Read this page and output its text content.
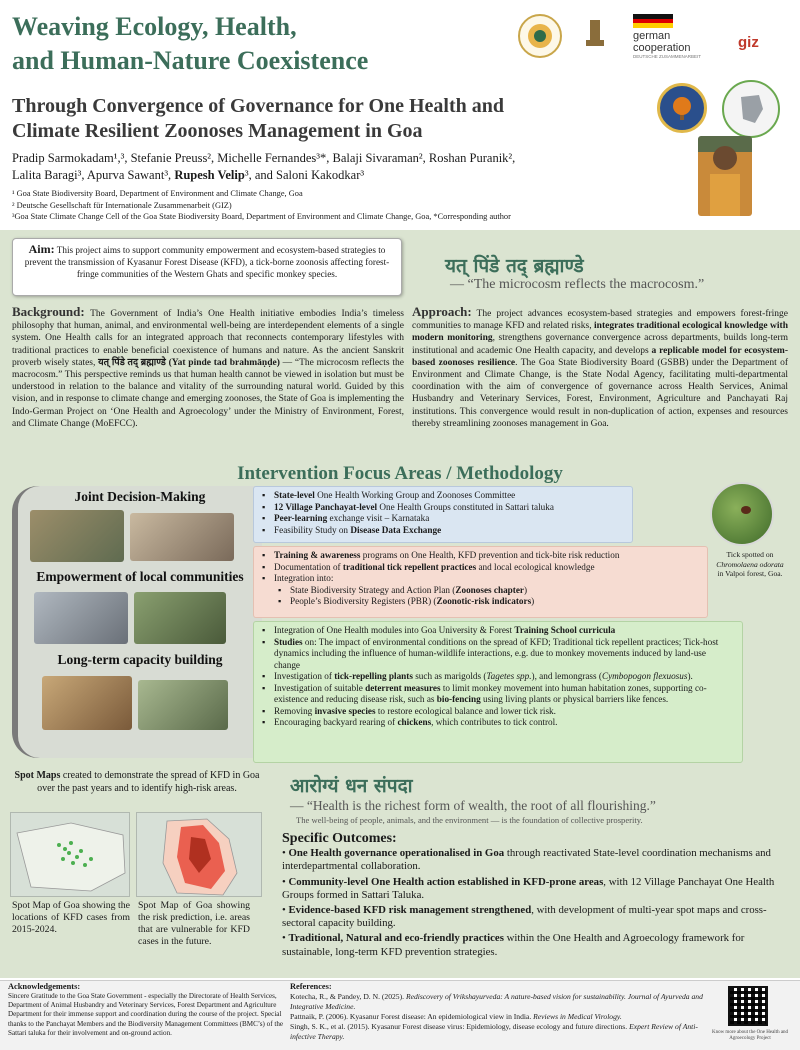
Weaving Ecology, Health,
and Human-Nature Coexistence
german
cooperation
DEUTSCHE ZUSAMMENARBEIT
giz
Through Convergence of Governance for One Health and
Climate Resilient Zoonoses Management in Goa
Pradip Sarmokadam¹,³, Stefanie Preuss², Michelle Fernandes³*, Balaji Sivaraman², Roshan Puranik²,
Lalita Baragi³, Apurva Sawant³, Rupesh Velip³, and Saloni Kakodkar³
¹ Goa State Biodiversity Board, Department of Environment and Climate Change, Goa
² Deutsche Gesellschaft für Internationale Zusammenarbeit (GIZ)
³Goa State Climate Change Cell of the Goa State Biodiversity Board, Department of Environment and Climate Change, Goa, *Corresponding author
Aim: This project aims to support community empowerment and ecosystem-based strategies to prevent the transmission of Kyasanur Forest Disease (KFD), a tick-borne zoonosis affecting forest-fringe communities of the Western Ghats and specific monkey species.	यत् पिंडे तद् ब्रह्माण्डे
— “The microcosm reflects the macrocosm.”
Background: The Government of India’s One Health initiative embodies India’s timeless philosophy that human, animal, and environmental well-being are interdependent elements of a single system. One Health calls for an integrated approach that reconnects contemporary lifestyles with traditional practices to enable beneficial coexistence of humans and nature. As the ancient Sanskrit proverb wisely states, यत् पिंडे तद् ब्रह्माण्डे (Yat pinde tad brahmāṇḍe) — “The microcosm reflects the macrocosm.” This perspective reminds us that human health cannot be viewed in isolation but must be understood in relation to the balance and vitality of the surrounding natural world. Guided by this vision, and in response to climate change and emerging zoonoses, the State of Goa is implementing the Indo-German Project on ‘One Health and Agroecology’ under the Ministry of Environment, Forest, and Climate Change (MoEFCC).
Approach: The project advances ecosystem-based strategies and empowers forest-fringe communities to manage KFD and related risks, integrates traditional ecological knowledge with modern monitoring, strengthens governance convergence across departments, builds long-term institutional and academic One Health capacity, and develops a replicable model for ecosystem-based zoonoses resilience. The Goa State Biodiversity Board (GSBB) under the Department of Environment and Climate Change, is the State Nodal Agency, facilitating multi-departmental coordination with the aim of convergence of governance across Health Services, Animal Husbandry and Veterinary Services, Forest, Environment, Agriculture and Panchayati Raj institutions. This convergence would result in non-duplication of action, expenses and resources thereby streamlining zoonoses management in Goa.
Intervention Focus Areas / Methodology
Joint Decision-Making
Empowerment of local communities
Long-term capacity building
▪ State-level One Health Working Group and Zoonoses Committee
▪ 12 Village Panchayat-level One Health Groups constituted in Sattari taluka
▪ Peer-learning exchange visit – Karnataka
▪ Feasibility Study on Disease Data Exchange
▪ Training & awareness programs on One Health, KFD prevention and tick-bite risk reduction
▪ Documentation of traditional tick repellent practices and local ecological knowledge
▪ Integration into:
▪ State Biodiversity Strategy and Action Plan (Zoonoses chapter)
▪ People’s Biodiversity Registers (PBR) (Zoonotic-risk indicators)
Tick spotted on
Chromolaena odorata
in Valpoi forest, Goa.
▪ Integration of One Health modules into Goa University & Forest Training School curricula
▪ Studies on: The impact of environmental conditions on the spread of KFD; Traditional tick repellent practices; Tick-host dynamics including the influence of human-wildlife interactions, e.g. due to monkey movements induced by land-use change
▪ Investigation of tick-repelling plants such as marigolds (Tagetes spp.), and lemongrass (Cymbopogon flexuosus).
▪ Investigation of suitable deterrent measures to limit monkey movement into human habitation zones, supporting co-existence and reducing disease risk, such as bio-fencing using living plants or physical barriers like fences.
▪ Removing invasive species to restore ecological balance and lower tick risk.
▪ Encouraging backyard rearing of chickens, which contributes to tick control.
Spot Maps created to demonstrate the spread of KFD in Goa over the past years and to identify high-risk areas.
Spot Map of Goa showing the locations of KFD cases from 2015-2024.
Spot Map of Goa showing the risk prediction, i.e. areas that are vulnerable for KFD cases in the future.
आरोग्यं धन संपदा
— “Health is the richest form of wealth, the root of all flourishing.”
The well-being of people, animals, and the environment — is the foundation of collective prosperity.
Specific Outcomes:

• One Health governance operationalised in Goa through reactivated State-level coordination mechanisms and interdepartmental collaboration.

• Community-level One Health action established in KFD-prone areas, with 12 Village Panchayat One Health Groups formed in Sattari Taluka.

• Evidence-based KFD risk management strengthened, with development of multi-year spot maps and cross-sectoral capacity building.

• Traditional, Natural and eco-friendly practices within the One Health and Agroecology framework for sustainable, long-term KFD prevention strategies.

Acknowledgements:
Sincere Gratitude to the Goa State Government - especially the Directorate of Health Services, Department of Animal Husbandry and Veterinary Services, Forest Department and Agriculture Department for their immense support and coordination during the course of the project. Special thanks to the Panchayat Members and the Biodiversity Management Committees (BMC’s) of the Sattari taluka for their involvement and on-ground action.
References:
Kotecha, R., & Pandey, D. N. (2025). Rediscovery of Vrikshayurveda: A nature-based vision for sustainability. Journal of Ayurveda and Integrative Medicine.
Pattnaik, P. (2006). Kyasanur Forest disease: An epidemiological view in India. Reviews in Medical Virology.
Singh, S. K., et al. (2015). Kyasanur Forest disease virus: Epidemiology, disease ecology and future directions. Expert Review of Anti-infective Therapy.	Know more about the One Health and Agroecology Project
